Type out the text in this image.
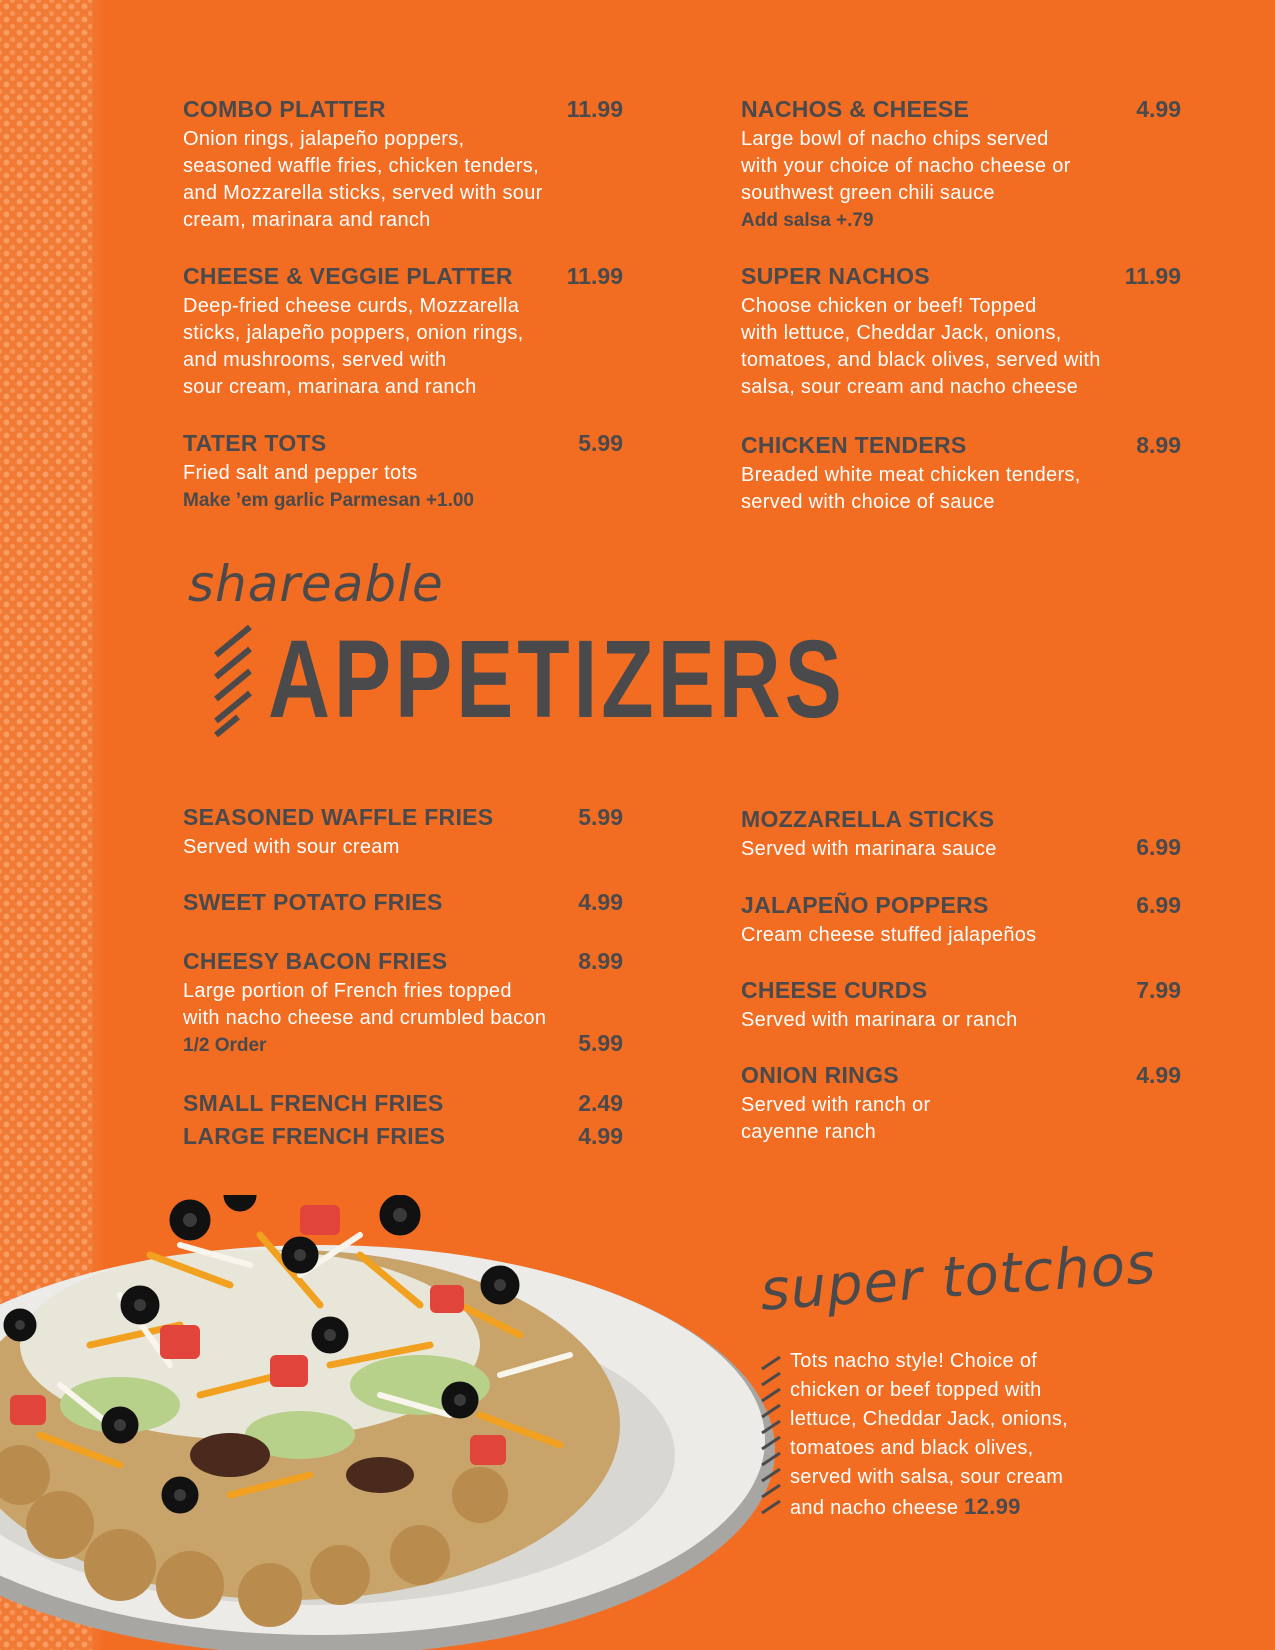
COMBO PLATTER	11.99
Onion rings, jalapeño poppers,
seasoned waffle fries, chicken tenders,
and Mozzarella sticks, served with sour
cream, marinara and ranch
CHEESE & VEGGIE PLATTER 11.99
Deep-fried cheese curds, Mozzarella
sticks, jalapeño poppers, onion rings,
and mushrooms, served with
sour cream, marinara and ranch
TATER TOTS	5.99
Fried salt and pepper tots
Make ’em garlic Parmesan +1.00
NACHOS & CHEESE	4.99
Large bowl of nacho chips served
with your choice of nacho cheese or
southwest green chili sauce
Add salsa +.79
SUPER NACHOS	11.99
Choose chicken or beef! Topped
with lettuce, Cheddar Jack, onions,
tomatoes, and black olives, served with
salsa, sour cream and nacho cheese
CHICKEN TENDERS	8.99
Breaded white meat chicken tenders,
served with choice of sauce
shareable
APPETIZERS
SEASONED WAFFLE FRIES	5.99
Served with sour cream
SWEET POTATO FRIES	4.99
CHEESY BACON FRIES	8.99
Large portion of French fries topped
with nacho cheese and crumbled bacon
1/2 Order	5.99
SMALL FRENCH FRIES	2.49
LARGE FRENCH FRIES	4.99
MOZZARELLA STICKS
Served with marinara sauce	6.99
JALAPEÑO POPPERS	6.99
Cream cheese stuffed jalapeños
CHEESE CURDS	7.99
Served with marinara or ranch
ONION RINGS	4.99
Served with ranch or
cayenne ranch
super totchos
Tots nacho style! Choice of
chicken or beef topped with
lettuce, Cheddar Jack, onions,
tomatoes and black olives,
served with salsa, sour cream
and nacho cheese 12.99
